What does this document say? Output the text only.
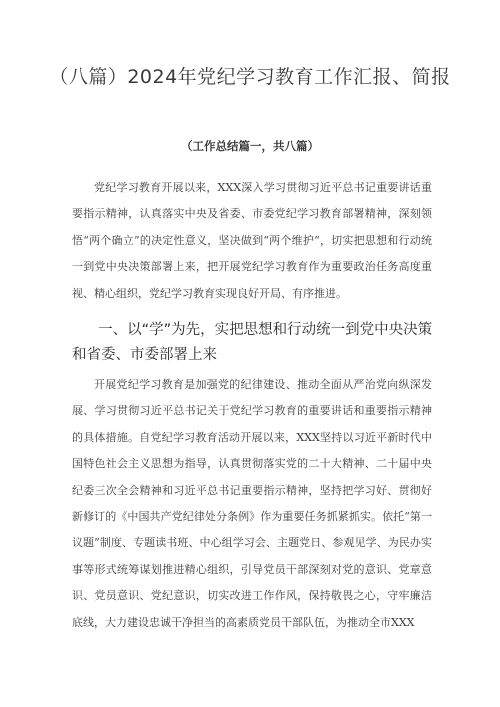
（八篇）2024年党纪学习教育工作汇报、简报
（工作总结篇一，共八篇）
党纪学习教育开展以来，XXX深入学习贯彻习近平总书记重要讲话重要指示精神，认真落实中央及省委、市委党纪学习教育部署精神，深刻领悟“两个确立”的决定性意义，坚决做到“两个维护“，切实把思想和行动统一到党中央决策部署上来，把开展党纪学习教育作为重要政治任务高度重视、精心组织，党纪学习教育实现良好开局、有序推进。
一、以“学”为先，实把思想和行动统一到党中央决策和省委、市委部署上来
开展党纪学习教育是加强党的纪律建设、推动全面从严治党向纵深发展、学习贯彻习近平总书记关于党纪学习教育的重要讲话和重要指示精神的具体措施。自党纪学习教育活动开展以来，XXX坚持以习近平新时代中国特色社会主义思想为指导，认真贯彻落实党的二十大精神、二十届中央纪委三次全会精神和习近平总书记重要指示精神，坚持把学习好、贯彻好新修订的《中国共产党纪律处分条例》作为重要任务抓紧抓实。依托“第一议题”制度、专题读书班、中心组学习会、主题党日、参观见学、为民办实事等形式统筹谋划推进精心组织，引导党员干部深刻对党的意识、党章意识、党员意识、党纪意识，切实改进工作作风，保持敬畏之心，守牢廉洁底线，大力建设忠诚干净担当的高素质党员干部队伍，为推动全市XXX
